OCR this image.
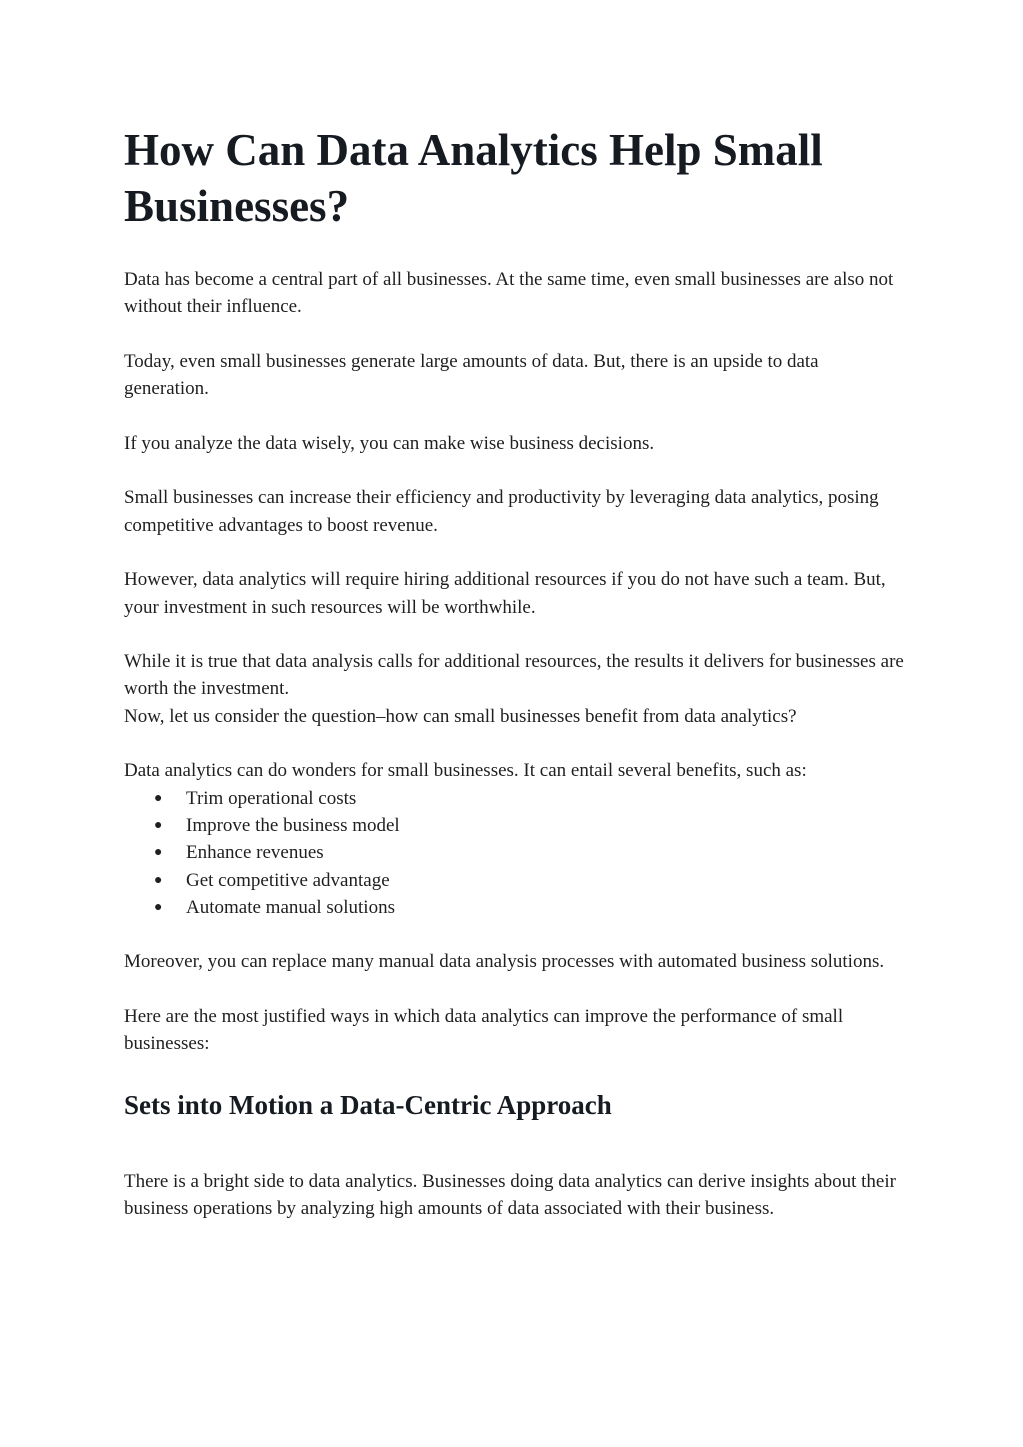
How Can Data Analytics Help Small Businesses?

Data has become a central part of all businesses. At the same time, even small businesses are also not without their influence.

Today, even small businesses generate large amounts of data. But, there is an upside to data generation.

If you analyze the data wisely, you can make wise business decisions.

Small businesses can increase their efficiency and productivity by leveraging data analytics, posing competitive advantages to boost revenue.

However, data analytics will require hiring additional resources if you do not have such a team. But, your investment in such resources will be worthwhile.

While it is true that data analysis calls for additional resources, the results it delivers for businesses are worth the investment.

Now, let us consider the question–how can small businesses benefit from data analytics?

Data analytics can do wonders for small businesses. It can entail several benefits, such as:

● Trim operational costs
● Improve the business model
● Enhance revenues
● Get competitive advantage
● Automate manual solutions

Moreover, you can replace many manual data analysis processes with automated business solutions.

Here are the most justified ways in which data analytics can improve the performance of small businesses:

Sets into Motion a Data-Centric Approach

There is a bright side to data analytics. Businesses doing data analytics can derive insights about their business operations by analyzing high amounts of data associated with their business.
